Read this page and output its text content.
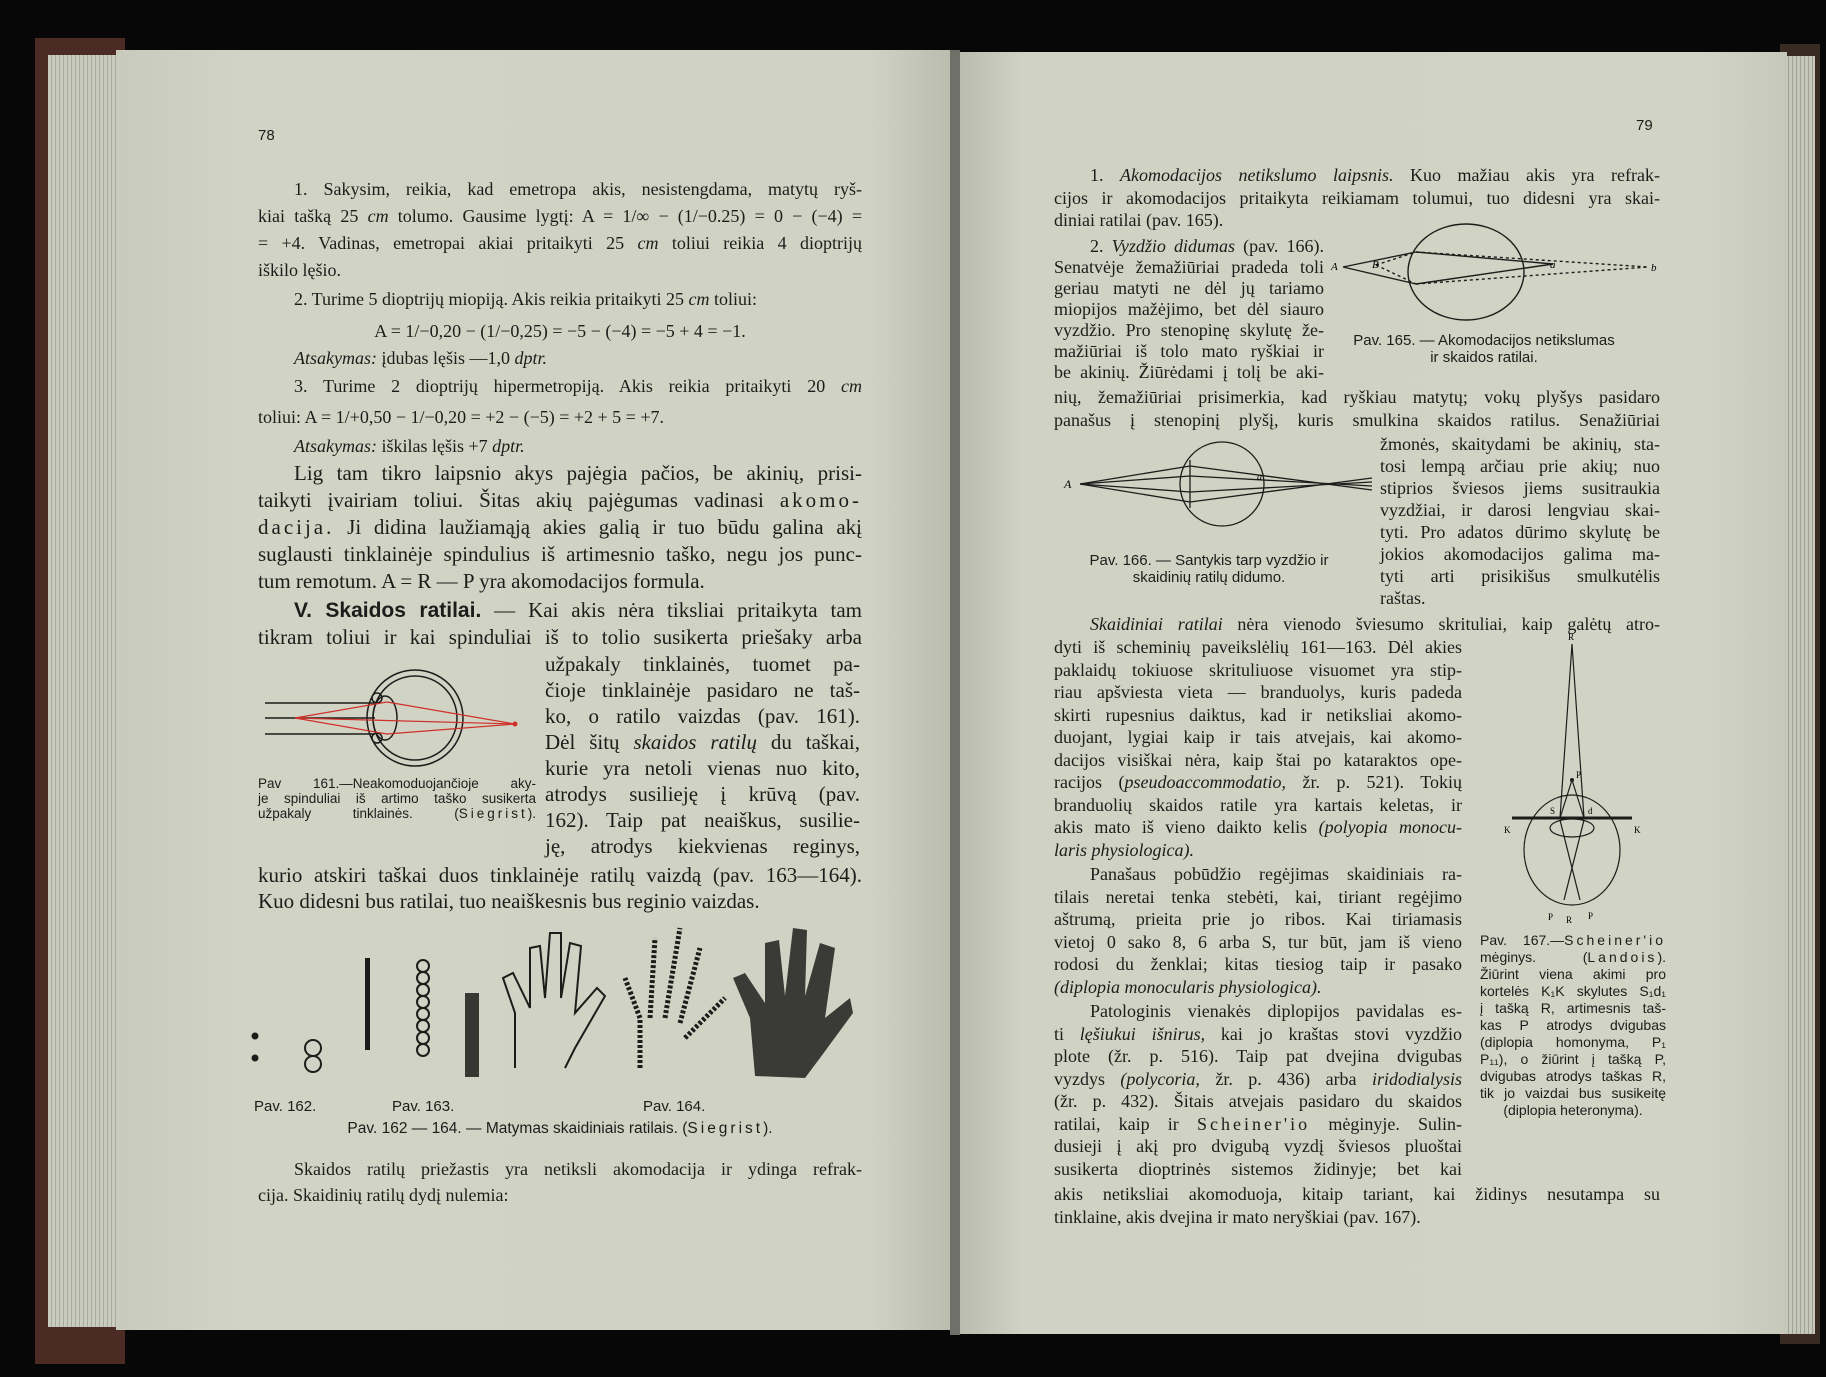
78
1. Sakysim, reikia, kad emetropa akis, nesistengdama, matytų ryš-
kiai tašką 25 cm tolumo. Gausime lygtį: A = 1/∞ − (1/−0.25) = 0 − (−4) =
= +4. Vadinas, emetropai akiai pritaikyti 25 cm toliui reikia 4 dioptrijų
iškilo lęšio.
2. Turime 5 dioptrijų miopiją. Akis reikia pritaikyti 25 cm toliui:
A = 1/−0,20 − (1/−0,25) = −5 − (−4) = −5 + 4 = −1.
Atsakymas: įdubas lęšis —1,0 dptr.
3. Turime 2 dioptrijų hipermetropiją. Akis reikia pritaikyti 20 cm
toliui: A = 1/+0,50 − 1/−0,20 = +2 − (−5) = +2 + 5 = +7.
Atsakymas: iškilas lęšis +7 dptr.
Lig tam tikro laipsnio akys pajėgia pačios, be akinių, prisi-
taikyti įvairiam toliui. Šitas akių pajėgumas vadinasi akomo-
dacija. Ji didina laužiamąją akies galią ir tuo būdu galina akį
suglausti tinklainėje spindulius iš artimesnio taško, negu jos punc-
tum remotum. A = R — P yra akomodacijos formula.
V. Skaidos ratilai. — Kai akis nėra tiksliai pritaikyta tam
tikram toliui ir kai spinduliai iš to tolio susikerta priešaky arba
užpakaly tinklainės, tuomet pa-
čioje tinklainėje pasidaro ne taš-
ko, o ratilo vaizdas (pav. 161).
Dėl šitų skaidos ratilų du taškai,
kurie yra netoli vienas nuo kito,
atrodys susilieję į krūvą (pav.
162). Taip pat neaiškus, susilie-
ję, atrodys kiekvienas reginys,
kurio atskiri taškai duos tinklainėje ratilų vaizdą (pav. 163—164).
Kuo didesni bus ratilai, tuo neaiškesnis bus reginio vaizdas.
Pav 161.—Neakomoduojančioje aky-
je spinduliai iš artimo taško susikerta
užpakaly tinklainės. (Siegrist).
Pav. 162.	Pav. 163.	Pav. 164.
Pav. 162 — 164. — Matymas skaidiniais ratilais. (Siegrist).
Skaidos ratilų priežastis yra netiksli akomodacija ir ydinga refrak-
cija. Skaidinių ratilų dydį nulemia:
79
1. Akomodacijos netikslumo laipsnis. Kuo mažiau akis yra refrak-
cijos ir akomodacijos pritaikyta reikiamam tolumui, tuo didesni yra skai-
diniai ratilai (pav. 165).
2. Vyzdžio didumas (pav. 166).
Senatvėje žemažiūriai pradeda toli
geriau matyti ne dėl jų tariamo
miopijos mažėjimo, bet dėl siauro
vyzdžio. Pro stenopinę skylutę že-
mažiūriai iš tolo mato ryškiai ir
be akinių. Žiūrėdami į tolį be aki-
A	B	a	b
Pav. 165. — Akomodacijos netikslumas
ir skaidos ratilai.
nių, žemažiūriai prisimerkia, kad ryškiau matytų; vokų plyšys pasidaro
panašus į stenopinį plyšį, kuris smulkina skaidos ratilus. Senažiūriai
A	a
Pav. 166. — Santykis tarp vyzdžio ir
skaidinių ratilų didumo.
žmonės, skaitydami be akinių, sta-
tosi lempą arčiau prie akių; nuo
stiprios šviesos jiems susitraukia
vyzdžiai, ir darosi lengviau skai-
tyti. Pro adatos dūrimo skylutę be
jokios akomodacijos galima ma-
tyti arti prisikišus smulkutėlis
raštas.
Skaidiniai ratilai nėra vienodo šviesumo skrituliai, kaip galėtų atro-
dyti iš scheminių paveikslėlių 161—163. Dėl akies
paklaidų tokiuose skrituliuose visuomet yra stip-
riau apšviesta vieta — branduolys, kuris padeda
skirti rupesnius daiktus, kad ir netiksliai akomo-
duojant, lygiai kaip ir tais atvejais, kai akomo-
dacijos visiškai nėra, kaip štai po kataraktos ope-
racijos (pseudoaccommodatio, žr. p. 521). Tokių
branduolių skaidos ratile yra kartais keletas, ir
akis mato iš vieno daikto kelis (polyopia monocu-
laris physiologica).
R
P
K	K
S	d
P R P
Pav. 167.—Scheiner'io
mėginys. (Landois).
Žiūrint viena akimi pro
kortelės K₁K skylutes S₁d₁
į tašką R, artimesnis taš-
kas P atrodys dvigubas
(diplopia homonyma, P₁
P₁₁), o žiūrint į tašką P,
dvigubas atrodys taškas R,
tik jo vaizdai bus susikeitę
(diplopia heteronyma).
Panašaus pobūdžio regėjimas skaidiniais ra-
tilais neretai tenka stebėti, kai, tiriant regėjimo
aštrumą, prieita prie jo ribos. Kai tiriamasis
vietoj 0 sako 8, 6 arba S, tur būt, jam iš vieno
rodosi du ženklai; kitas tiesiog taip ir pasako
(diplopia monocularis physiologica).
Patologinis vienakės diplopijos pavidalas es-
ti lęšiukui išnirus, kai jo kraštas stovi vyzdžio
plote (žr. p. 516). Taip pat dvejina dvigubas
vyzdys (polycoria, žr. p. 436) arba iridodialysis
(žr. p. 432). Šitais atvejais pasidaro du skaidos
ratilai, kaip ir Scheiner'io mėginyje. Sulin-
dusieji į akį pro dvigubą vyzdį šviesos pluoštai
susikerta dioptrinės sistemos židinyje; bet kai
akis netiksliai akomoduoja, kitaip tariant, kai židinys nesutampa su
tinklaine, akis dvejina ir mato neryškiai (pav. 167).
